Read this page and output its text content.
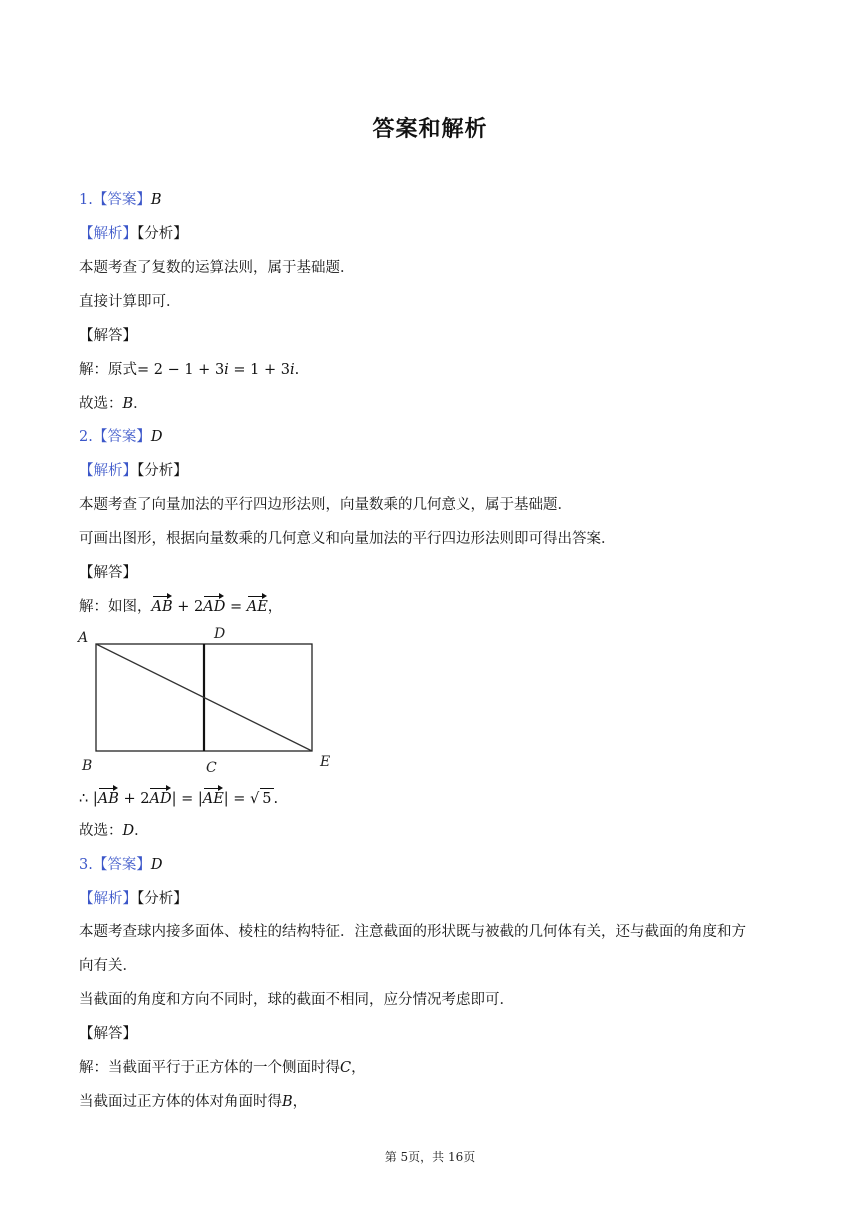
答案和解析
1.【答案】B
【解析】【分析】
本题考查了复数的运算法则，属于基础题．
直接计算即可．
【解答】
解：原式= 2 − 1 + 3i = 1 + 3i.
故选：B．
2.【答案】D
【解析】【分析】
本题考查了向量加法的平行四边形法则，向量数乘的几何意义，属于基础题．
可画出图形，根据向量数乘的几何意义和向量加法的平行四边形法则即可得出答案．
【解答】
解：如图，AB + 2AD = AE，
A	D
B	C	E
∴ |AB + 2AD| = |AE| = √ 5 .
故选：D．
3.【答案】D
【解析】【分析】
本题考查球内接多面体、棱柱的结构特征．注意截面的形状既与被截的几何体有关，还与截面的角度和方
向有关．
当截面的角度和方向不同时，球的截面不相同，应分情况考虑即可．
【解答】
解：当截面平行于正方体的一个侧面时得C，
当截面过正方体的体对角面时得B，
第 5页，共 16页
